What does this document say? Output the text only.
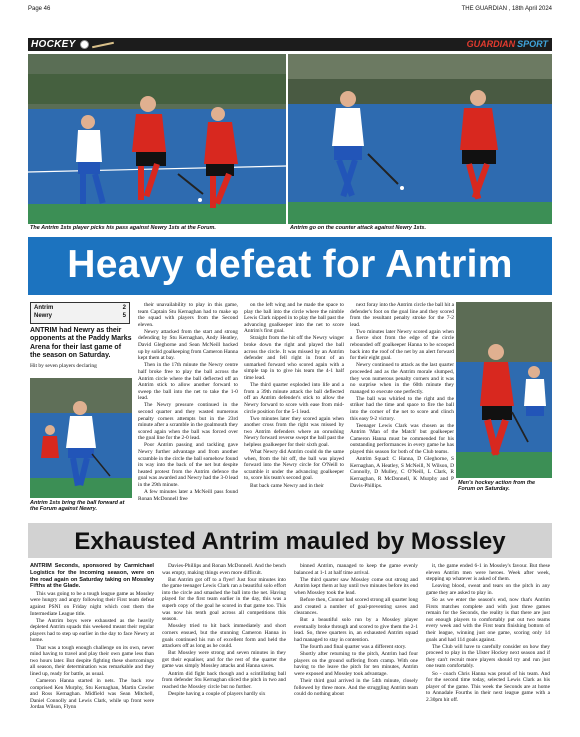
Page 46	THE GUARDIAN , 18th April 2024
HOCKEY	GUARDIAN SPORT
The Antrim 1sts player picks his pass against Newry 1sts at the Forum.	Antrim go on the counter attack against Newry 1sts.
Heavy defeat for Antrim
Antrim	2
Newry	5
ANTRIM had Newry as their opponents at the Paddy Marks Arena for their last game of the season on Saturday.
Hit by seven players declaring
Antrim 1sts bring the ball forward at the Forum against Newry.

their unavailability to play in this game, team Captain Stu Kernaghan had to make up the squad with players from the Second eleven.

Newry attacked from the start and strong defending by Stu Kernaghan, Andy Heatley, David Gleghorne and Sean McNeill backed up by solid goalkeeping from Cameron Hanna kept them at bay.

Then in the 17th minute the Newry centre half broke free to play the ball across the Antrim circle where the ball deflected off an Antrim stick to allow another forward to sweep the ball into the net to take the 1-0 lead.

The Newry pressure continued in the second quarter and they wasted numerous penalty corners attempts but in the 23rd minute after a scramble in the goalmouth they scored again when the ball was forced over the goal line for the 2-0 lead.

Poor Antrim passing and tackling gave Newry further advantage and from another scramble in the circle the ball somehow found its way into the back of the net but despite heated protest from the Antrim defence the goal was awarded and Newry had the 3-0 lead in the 29th minute.

A few minutes later a McNeill pass found Ronan McDonnell free

on the left wing and he made the space to play the ball into the circle where the nimble Lewis Clark nipped in to play the ball past the advancing goalkeeper into the net to score Antrim's first goal.

Straight from the hit off the Newry winger broke down the right and played the ball across the circle. It was missed by an Antrim defender and fell right in front of an unmarked forward who scored again with a simple tap in to give his team the 4-1 half time lead.

The third quarter exploded into life and a from a 39th minute attack the ball deflected off an Antrim defender's stick to allow the Newry forward to score with ease from mid-circle position for the 5-1 lead.

Two minutes later they scored again when another cross from the right was missed by two Antrim defenders where an onrushing Newry forward reverse swept the ball past the helpless goalkeeper for their sixth goal.

What Newry did Antrim could do the same when, from the hit off, the ball was played forward into the Newry circle for O'Neill to scramble it under the advancing goalkeeper to, score his team's second goal.

But back came Newry and in their

next foray into the Antrim circle the ball hit a defender's foot on the goal line and they scored from the resultant penalty stroke for the 7-2 lead.

Two minutes later Newry scored again when a fierce shot from the edge of the circle rebounded off goalkeeper Hanna to be scooped back into the roof of the net by an alert forward for their eight goal.

Newry continued to attack as the last quarter proceeded and as the Antrim morale slumped, they won numerous penalty corners and it was no surprise when in the 60th minute they managed to execute one perfectly.

The ball was whirled to the right and the striker had the time and space to fire the ball into the corner of the net to score and clinch this easy 9-2 victory.

Teenager Lewis Clark was chosen as the Antrim 'Man of the Match' but goalkeeper Cameron Hanna must be commended for his outstanding performances in every game he has played this season for both of the Club teams.

Antrim Squad: C Hanna, D Gleghorne, S Kernaghan, A Heatley, S McNeill, N Wilson, D Connolly, D Mulley, C O'Neill, L Clark, R Kernaghan, R McDonnell, K Murphy and P Davis-Phillips.	Men's hockey action from the Forum on Saturday.
Exhausted Antrim mauled by Mossley

ANTRIM Seconds, sponsored by Carmichael Logistics for the incoming season, were on the road again on Saturday taking on Mossley Fifths at the Glade.

This was going to be a tough league game as Mossley were hungry and angry following their First team defeat against PSNI on Friday night which cost them the Intermediate League title.

The Antrim boys were exhausted as the heavily depleted Antrim squads this weekend meant their regular players had to step up earlier in the day to face Newry at home.

That was a tough enough challenge on its own, never mind having to travel and play their own game less than two hours later. But despite fighting these shortcomings all season, their determination was remarkable and they lined up, ready for battle, as usual.

Cameron Hanna started in nets. The back row comprised Ken Murphy, Stu Kernaghan, Martin Cowler and Ross Kernaghan. Midfield was Sean Mitchell, Daniel Connolly and Lewis Clark, while up front were Jordan Wilson, Flynn

Davies-Phillips and Ronan McDonnell. And the bench was empty, making things even more difficult.

But Antrim got off to a flyer! Just four minutes into the game teenager Lewis Clark ran a beautiful solo effort into the circle and smashed the ball into the net. Having played for the first team earlier in the day, this was a superb copy of the goal he scored in that game too. This was now his tenth goal across all competitions this season.

Mossley tried to hit back immediately and short corners ensued, but the stunning Cameron Hanna in goals continued his run of excellent form and held the attackers off as long as he could.

But Mossley were strong and seven minutes in they got their equaliser, and for the rest of the quarter the game was simply Mossley attacks and Hanna saves.

Antrim did fight back though and a scintillating ball from defender Stu Kernaghan sliced the pitch in two and reached the Mossley circle but no further.

Despite having a couple of players hardly six

binned Antrim, managed to keep the game evenly balanced at 1-1 at half time arrival.

The third quarter saw Mossley come out strong and Antrim kept them at bay until two minutes before its end when Mossley took the lead.

Before then, Connor had scored strong all quarter long and created a number of goal-preventing saves and clearances.

But a beautiful solo run by a Mossley player eventually broke through and scored to give them the 2-1 lead. So, three quarters in, an exhausted Antrim squad had managed to stay in contention.

The fourth and final quarter was a different story.

Shortly after returning to the pitch, Antrim had four players on the ground suffering from cramp. With one having to the leave the pitch for ten minutes, Antrim were exposed and Mossley took advantage.

Their third goal arrived in the 54th minute, closely followed by three more. And the struggling Antrim team could do nothing about

it, the game ended 6-1 in Mossley's favour. But these eleven Antrim men were heroes. Week after week, stepping up whatever is asked of them.

Leaving blood, sweat and tears on the pitch in any game they are asked to play in.

So as we enter the season's end, now that's Antrim Firsts matches complete and with just three games remain for the Seconds, the reality is that there are just not enough players to comfortably put out two teams every week and with the First team finishing bottom of their league, winning just one game, scoring only 14 goals and had 114 goals against.

The Club will have to carefully consider on how they proceed to play in the Ulster Hockey next season and if they can't recruit more players should try and run just one team comfortably.

So - coach Chris Hanna was proud of his team. And for the second time today, selected Lewis Clark as his player of the game. This week the Seconds are at home to Annadale Fourths in their next league game with a 2.30pm hit off.
